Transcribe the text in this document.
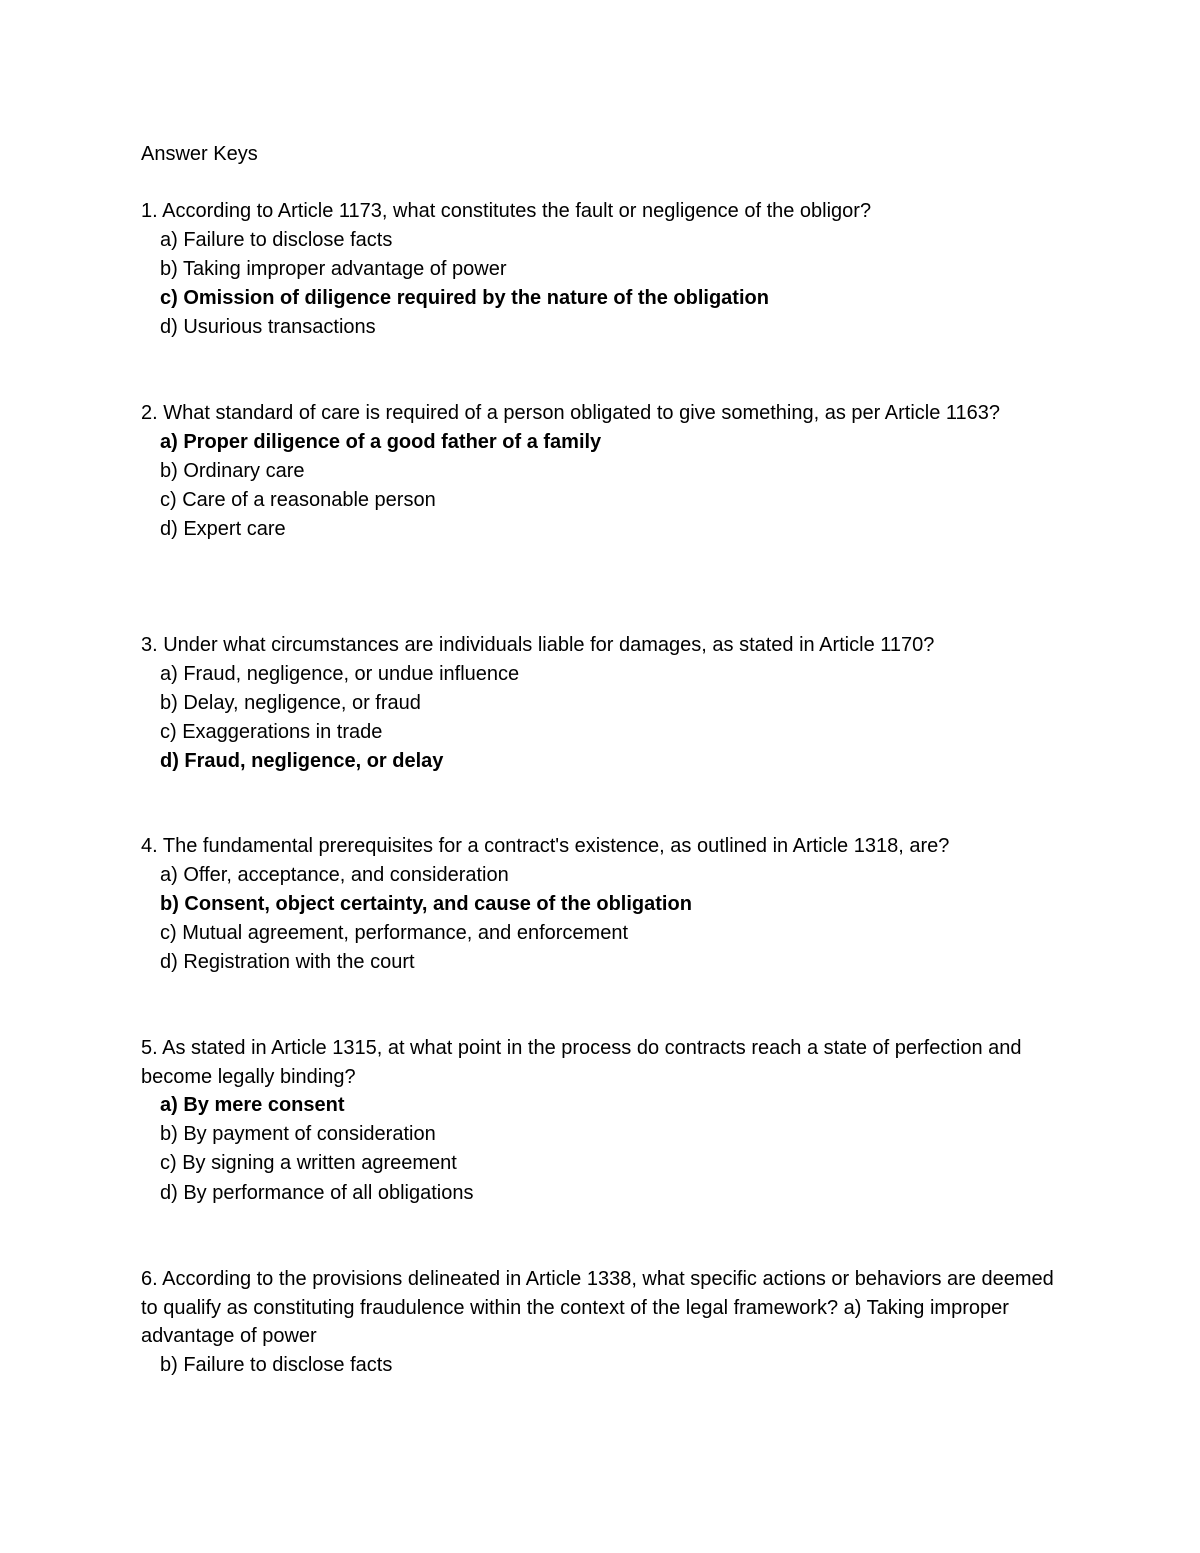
Answer Keys

1. According to Article 1173, what constitutes the fault or negligence of the obligor?

a) Failure to disclose facts
b) Taking improper advantage of power
c) Omission of diligence required by the nature of the obligation
d) Usurious transactions

2. What standard of care is required of a person obligated to give something, as per Article 1163?

a) Proper diligence of a good father of a family
b) Ordinary care
c) Care of a reasonable person
d) Expert care

3. Under what circumstances are individuals liable for damages, as stated in Article 1170?

a) Fraud, negligence, or undue influence
b) Delay, negligence, or fraud
c) Exaggerations in trade
d) Fraud, negligence, or delay

4. The fundamental prerequisites for a contract's existence, as outlined in Article 1318, are?

a) Offer, acceptance, and consideration
b) Consent, object certainty, and cause of the obligation
c) Mutual agreement, performance, and enforcement
d) Registration with the court

5. As stated in Article 1315, at what point in the process do contracts reach a state of perfection and become legally binding?

a) By mere consent
b) By payment of consideration
c) By signing a written agreement
d) By performance of all obligations

6. According to the provisions delineated in Article 1338, what specific actions or behaviors are deemed to qualify as constituting fraudulence within the context of the legal framework? a) Taking improper advantage of power

b) Failure to disclose facts
